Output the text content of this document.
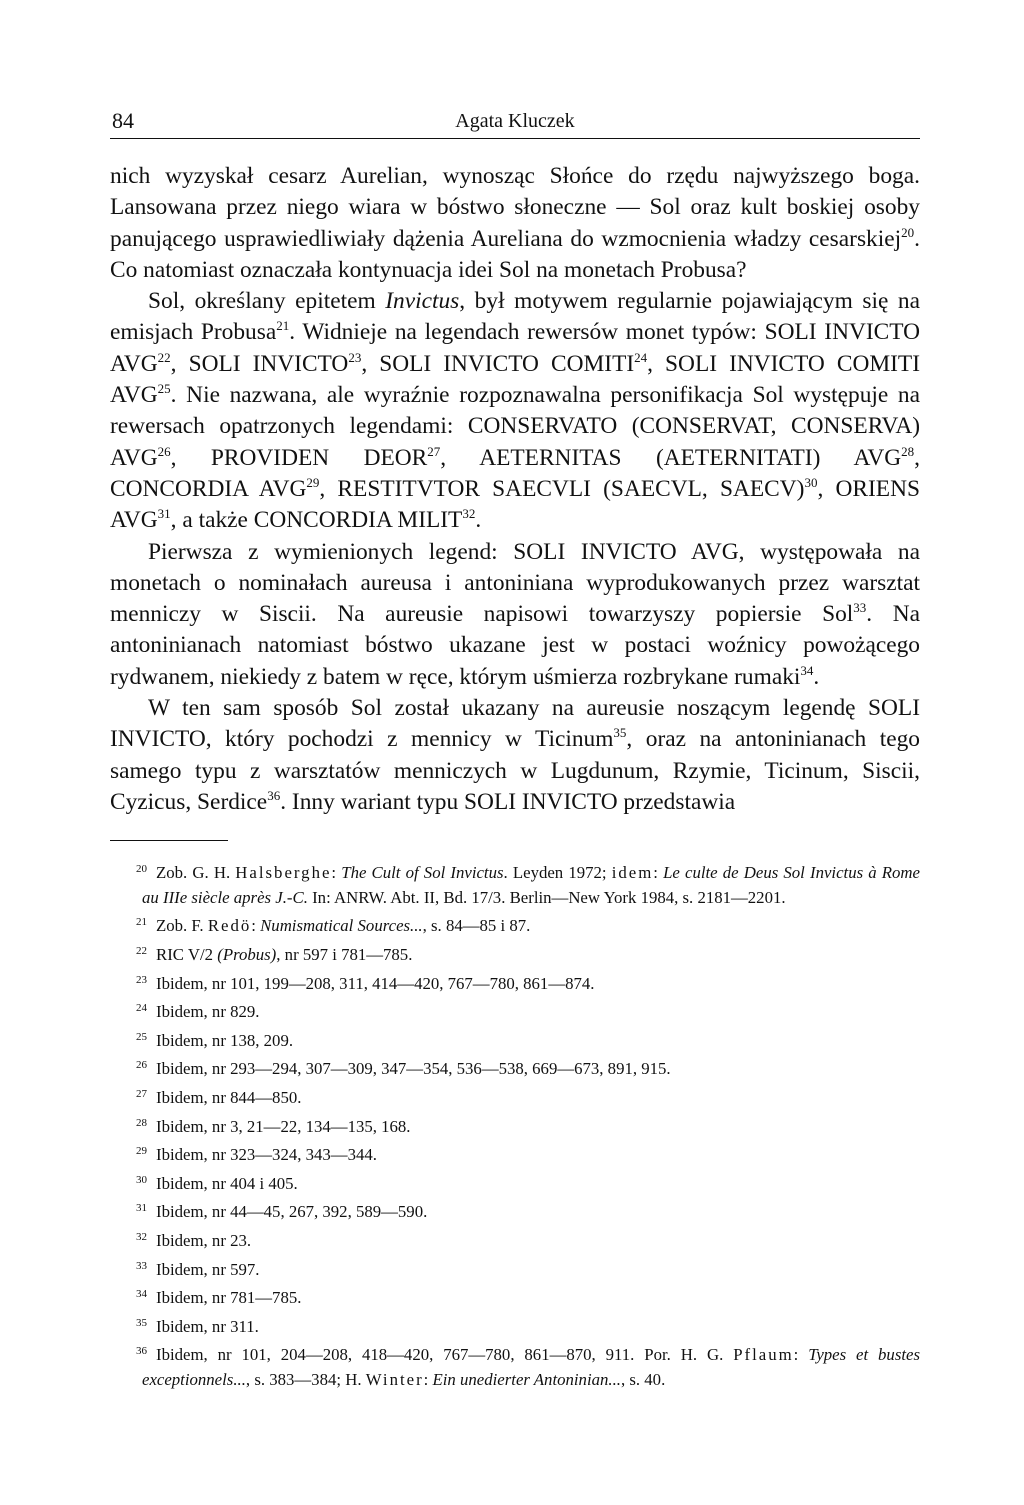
84	Agata Kluczek

nich wyzyskał cesarz Aurelian, wynosząc Słońce do rzędu najwyższego boga. Lansowana przez niego wiara w bóstwo słoneczne — Sol oraz kult boskiej osoby panującego usprawiedliwiały dążenia Aureliana do wzmocnienia władzy cesarskiej$^{20}$. Co natomiast oznaczała kontynuacja idei Sol na monetach Probusa?

Sol, określany epitetem Invictus, był motywem regularnie pojawiającym się na emisjach Probusa$^{21}$. Widnieje na legendach rewersów monet typów: SOLI INVICTO AVG$^{22}$, SOLI INVICTO$^{23}$, SOLI INVICTO COMITI$^{24}$, SOLI INVICTO COMITI AVG$^{25}$. Nie nazwana, ale wyraźnie rozpoznawalna personifikacja Sol występuje na rewersach opatrzonych legendami: CONSERVATO (CONSERVAT, CONSERVA) AVG$^{26}$, PROVIDEN DEOR$^{27}$, AETERNITAS (AETERNITATI) AVG$^{28}$, CONCORDIA AVG$^{29}$, RESTITVTOR SAECVLI (SAECVL, SAECV)$^{30}$, ORIENS AVG$^{31}$, a także CONCORDIA MILIT$^{32}$.

Pierwsza z wymienionych legend: SOLI INVICTO AVG, występowała na monetach o nominałach aureusa i antoniniana wyprodukowanych przez warsztat menniczy w Siscii. Na aureusie napisowi towarzyszy popiersie Sol$^{33}$. Na antoninianach natomiast bóstwo ukazane jest w postaci woźnicy powożącego rydwanem, niekiedy z batem w ręce, którym uśmierza rozbrykane rumaki$^{34}$.

W ten sam sposób Sol został ukazany na aureusie noszącym legendę SOLI INVICTO, który pochodzi z mennicy w Ticinum$^{35}$, oraz na antoninianach tego samego typu z warsztatów menniczych w Lugdunum, Rzymie, Ticinum, Siscii, Cyzicus, Serdice$^{36}$. Inny wariant typu SOLI INVICTO przedstawia

$^{20}$ Zob. G. H. Halsberghe: The Cult of Sol Invictus. Leyden 1972; idem: Le culte de Deus Sol Invictus à Rome au IIIe siècle après J.-C. In: ANRW. Abt. II, Bd. 17/3. Berlin—New York 1984, s. 2181—2201.
$^{21}$ Zob. F. Redö: Numismatical Sources..., s. 84—85 i 87.
$^{22}$ RIC V/2 (Probus), nr 597 i 781—785.
$^{23}$ Ibidem, nr 101, 199—208, 311, 414—420, 767—780, 861—874.
$^{24}$ Ibidem, nr 829.
$^{25}$ Ibidem, nr 138, 209.
$^{26}$ Ibidem, nr 293—294, 307—309, 347—354, 536—538, 669—673, 891, 915.
$^{27}$ Ibidem, nr 844—850.
$^{28}$ Ibidem, nr 3, 21—22, 134—135, 168.
$^{29}$ Ibidem, nr 323—324, 343—344.
$^{30}$ Ibidem, nr 404 i 405.
$^{31}$ Ibidem, nr 44—45, 267, 392, 589—590.
$^{32}$ Ibidem, nr 23.
$^{33}$ Ibidem, nr 597.
$^{34}$ Ibidem, nr 781—785.
$^{35}$ Ibidem, nr 311.
$^{36}$ Ibidem, nr 101, 204—208, 418—420, 767—780, 861—870, 911. Por. H. G. Pflaum: Types et bustes exceptionnels..., s. 383—384; H. Winter: Ein unedierter Antoninian..., s. 40.
